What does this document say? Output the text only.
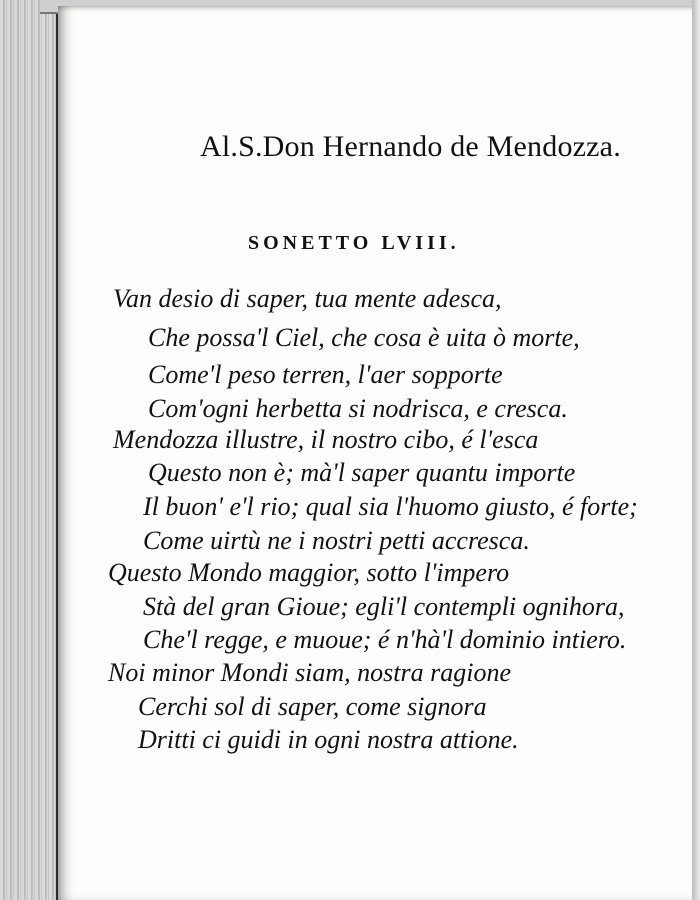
Al.S.Don Hernando de Mendozza.
SONETTO LVIII.
Van desio di saper, tua mente adesca,
Che possa'l Ciel, che cosa è uita ò morte,
Come'l peso terren, l'aer sopporte
Com'ogni herbetta si nodrisca, e cresca.
Mendozza illustre, il nostro cibo, é l'esca
Questo non è; mà'l saper quantu importe
Il buon' e'l rio; qual sia l'huomo giusto, é forte;
Come uirtù ne i nostri petti accresca.
Questo Mondo maggior, sotto l'impero
Stà del gran Gioue; egli'l contempli ognihora,
Che'l regge, e muoue; é n'hà'l dominio intiero.
Noi minor Mondi siam, nostra ragione
Cerchi sol di saper, come signora
Dritti ci guidi in ogni nostra attione.
